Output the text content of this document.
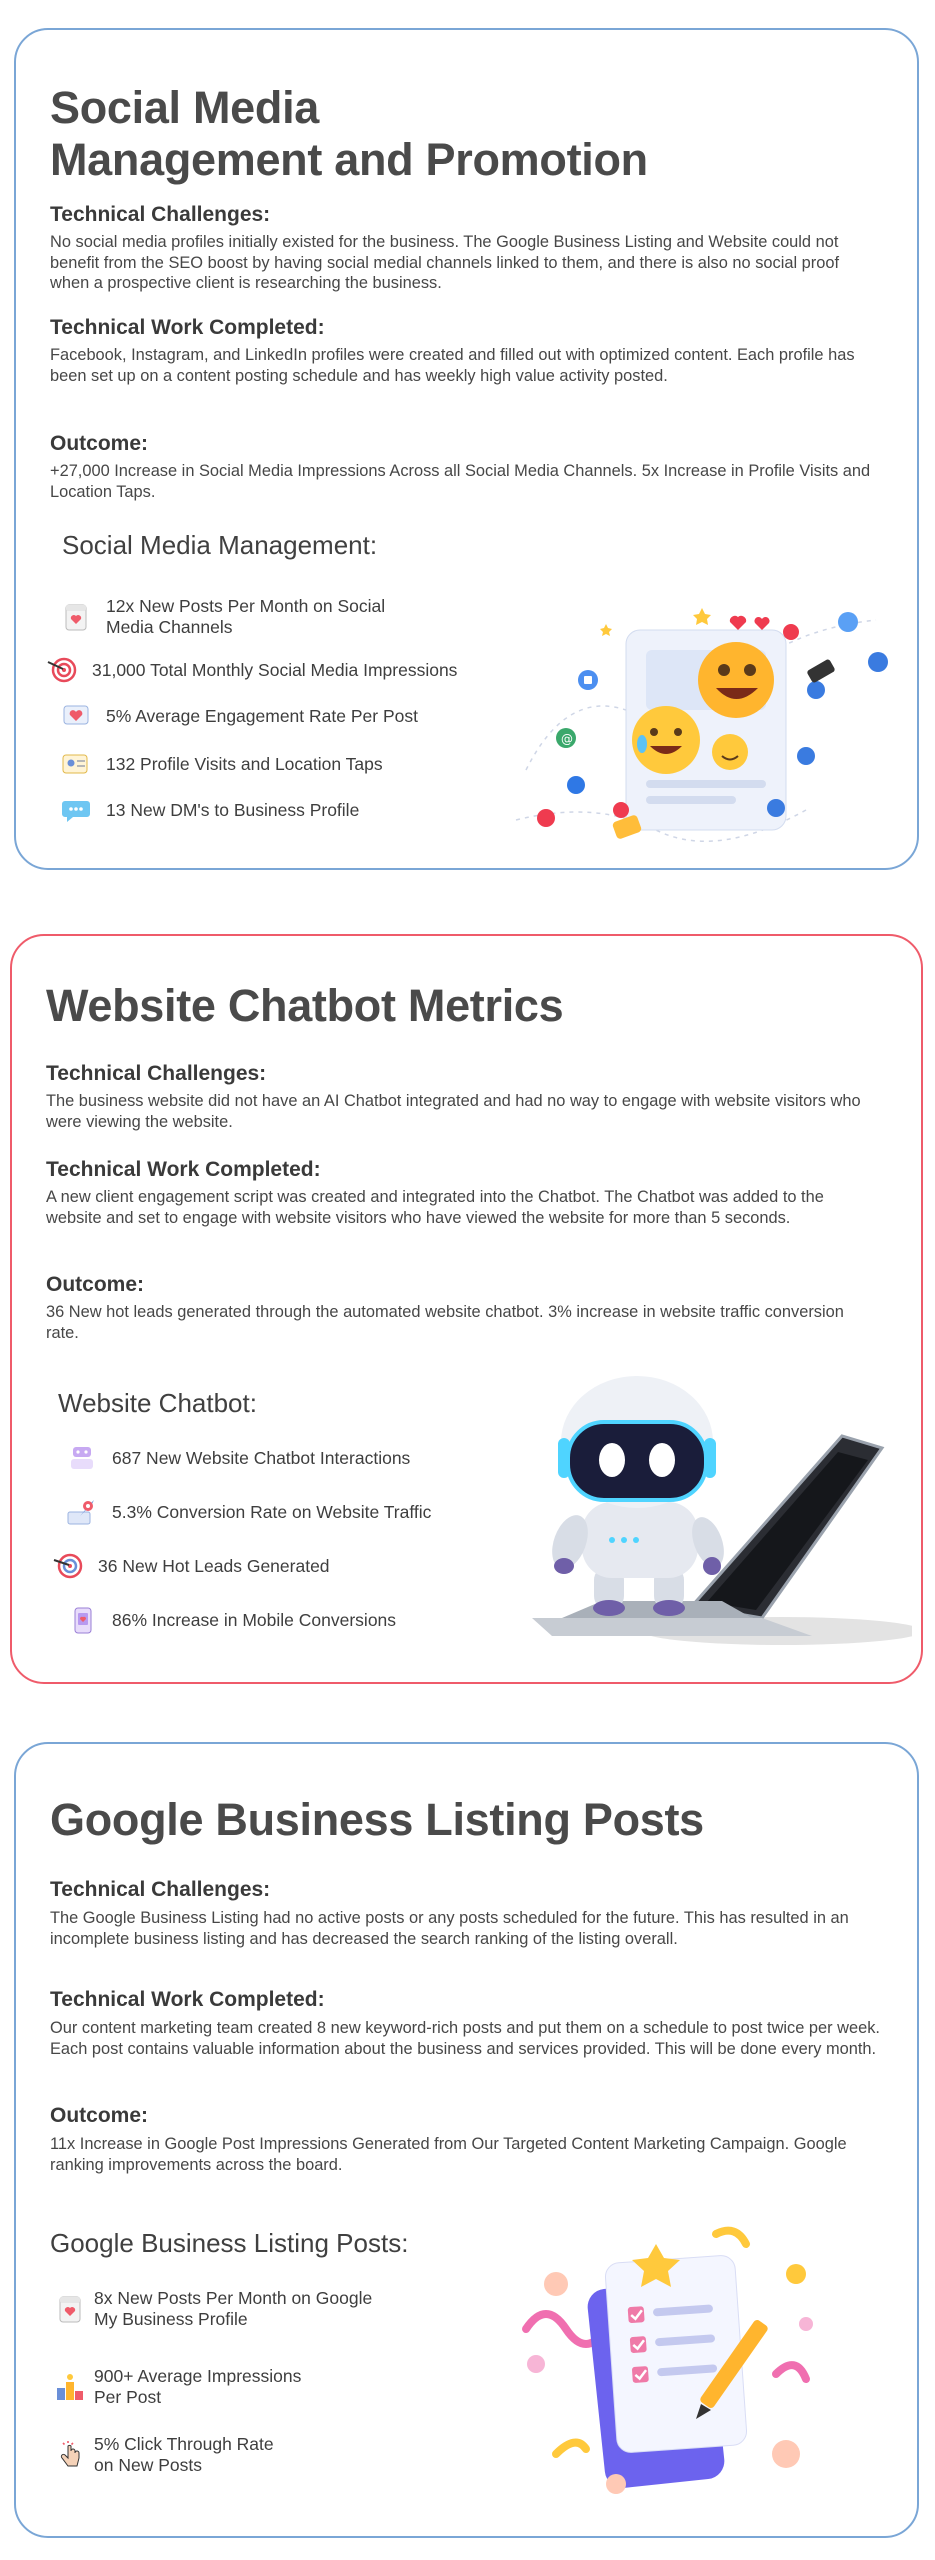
Social Media
Management and Promotion
Technical Challenges:
No social media profiles initially existed for the business. The Google Business Listing and Website could not benefit from the SEO boost by having social medial channels linked to them, and there is also no social proof when a prospective client is researching the business.
Technical Work Completed:
Facebook, Instagram, and LinkedIn profiles were created and filled out with optimized content. Each profile has been set up on a content posting schedule and has weekly high value activity posted.
Outcome:
+27,000 Increase in Social Media Impressions Across all Social Media Channels. 5x Increase in Profile Visits and Location Taps.
Social Media Management:
12x New Posts Per Month on Social
Media Channels
31,000 Total Monthly Social Media Impressions
5% Average Engagement Rate Per Post
132 Profile Visits and Location Taps
13 New DM's to Business Profile
@
Website Chatbot Metrics
Technical Challenges:
The business website did not have an AI Chatbot integrated and had no way to engage with website visitors who were viewing the website.
Technical Work Completed:
A new client engagement script was created and integrated into the Chatbot. The Chatbot was added to the website and set to engage with website visitors who have viewed the website for more than 5 seconds.
Outcome:
36 New hot leads generated through the automated website chatbot. 3% increase in website traffic conversion rate.
Website Chatbot:
687 New Website Chatbot Interactions
5.3% Conversion Rate on Website Traffic
36 New Hot Leads Generated
86% Increase in Mobile Conversions
Google Business Listing Posts
Technical Challenges:
The Google Business Listing had no active posts or any posts scheduled for the future. This has resulted in an incomplete business listing and has decreased the search ranking of the listing overall.
Technical Work Completed:
Our content marketing team created 8 new keyword-rich posts and put them on a schedule to post twice per week. Each post contains valuable information about the business and services provided. This will be done every month.
Outcome:
11x Increase in Google Post Impressions Generated from Our Targeted Content Marketing Campaign. Google ranking improvements across the board.
Google Business Listing Posts:
8x New Posts Per Month on Google
My Business Profile
900+ Average Impressions
Per Post
5% Click Through Rate
on New Posts
